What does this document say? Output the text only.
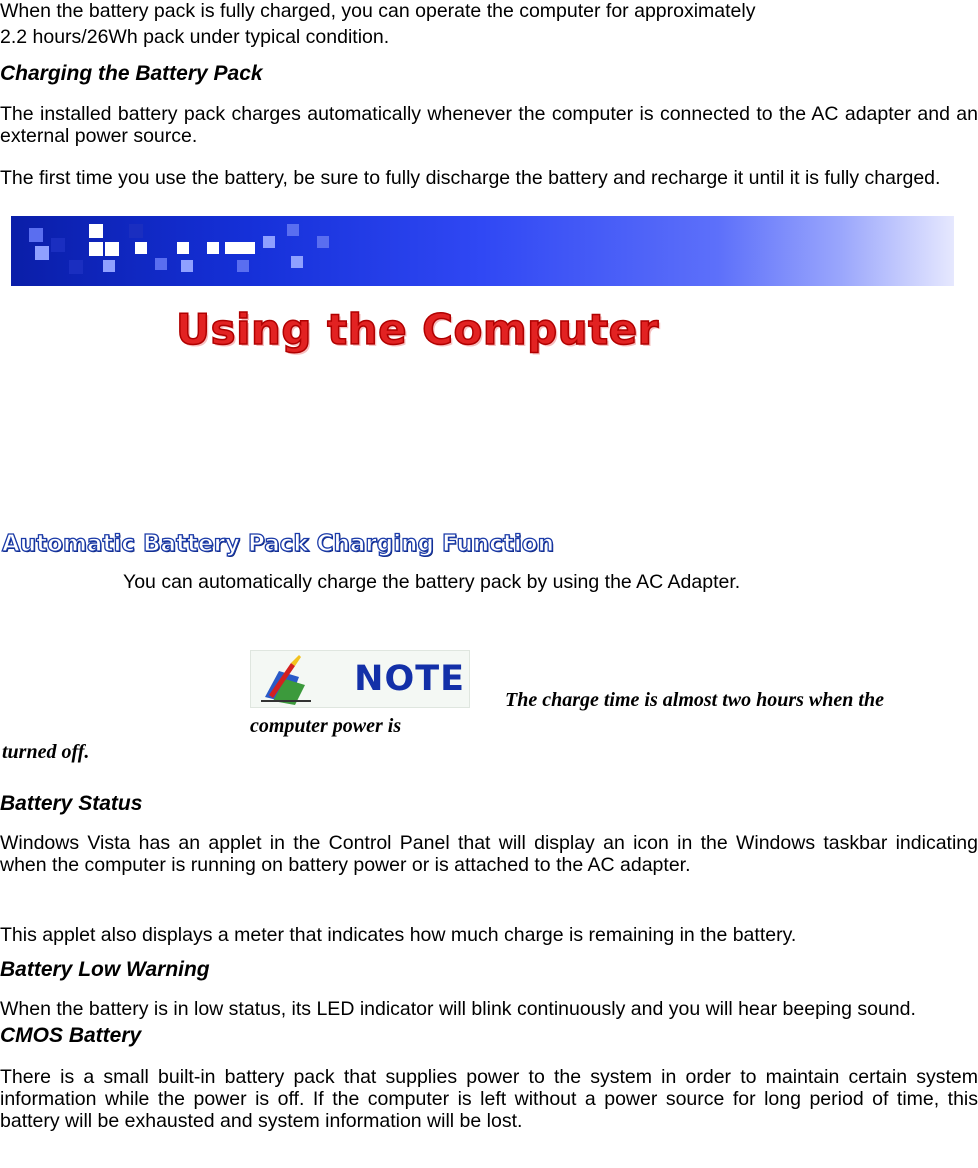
When the battery pack is fully charged, you can operate the computer for approximately

2.2 hours/26Wh pack under typical condition.

Charging the Battery Pack

The installed battery pack charges automatically whenever the computer is connected to the AC adapter and an external power source.

The first time you use the battery, be sure to fully discharge the battery and recharge it until it is fully charged.

Using the Computer
Automatic Battery Pack Charging Function

You can automatically charge the battery pack by using the AC Adapter.

NOTE

The charge time is almost two hours when the

computer power is

turned off.

Battery Status

Windows Vista has an applet in the Control Panel that will display an icon in the Windows taskbar indicating when the computer is running on battery power or is attached to the AC adapter.

This applet also displays a meter that indicates how much charge is remaining in the battery.

Battery Low Warning

When the battery is in low status, its LED indicator will blink continuously and you will hear beeping sound.

CMOS Battery

There is a small built-in battery pack that supplies power to the system in order to maintain certain system information while the power is off. If the computer is left without a power source for long period of time, this battery will be exhausted and system information will be lost.
